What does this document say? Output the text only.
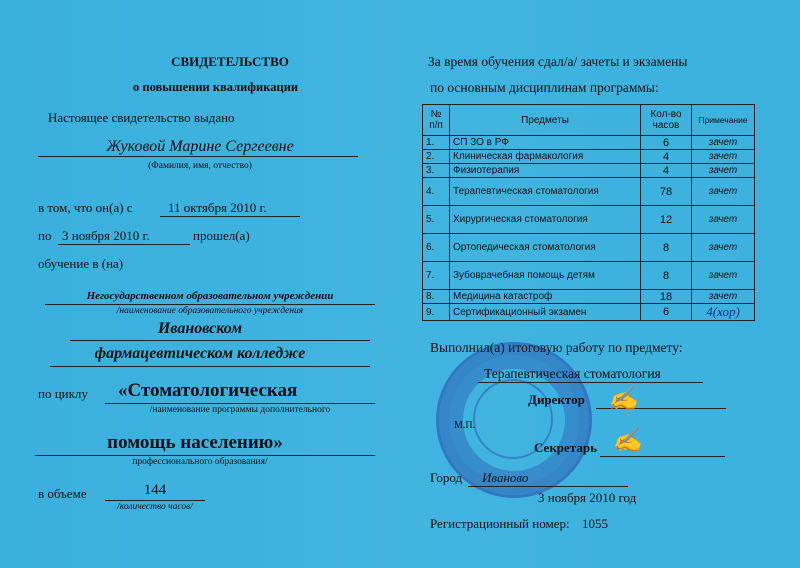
СВИДЕТЕЛЬСТВО
о повышении квалификации
Настоящее свидетельство выдано
Жуковой Марине Сергеевне
(Фамилия, имя, отчество)
в том, что он(а) с	11 октября 2010 г.
по 3 ноября 2010 г.	прошел(а)
обучение в (на)
Негосударственном образовательном учреждении
/наименование образовательного учреждения
Ивановском
фармацевтическом колледже
по циклу «Стоматологическая
/наименование программы дополнительного
помощь населению»
профессионального образования/
в объеме	144
/количество часов/
За время обучения сдал/а/ зачеты и экзамены
по основным дисциплинам программы:
№ п/п	Предметы	Кол-во часов	Примечание
1.	СП ЗО в РФ	6	зачет
2.	Клиническая фармакология	4	зачет
3.	Физиотерапия	4	зачет
4.	Терапевтическая стоматология	78	зачет
5.	Хирургическая стоматология	12	зачет
6.	Ортопедическая стоматология	8	зачет
7.	Зубоврачебная помощь детям	8	зачет
8.	Медицина катастроф	18	зачет
9.	Сертификационный экзамен	6	4(хор)
Выполнил(а) итоговую работу по предмету:
Терапевтическая стоматология
Директор ✍
М.П.
Секретарь ✍
Город Иваново
3 ноября 2010 год
Регистрационный номер: 1055
